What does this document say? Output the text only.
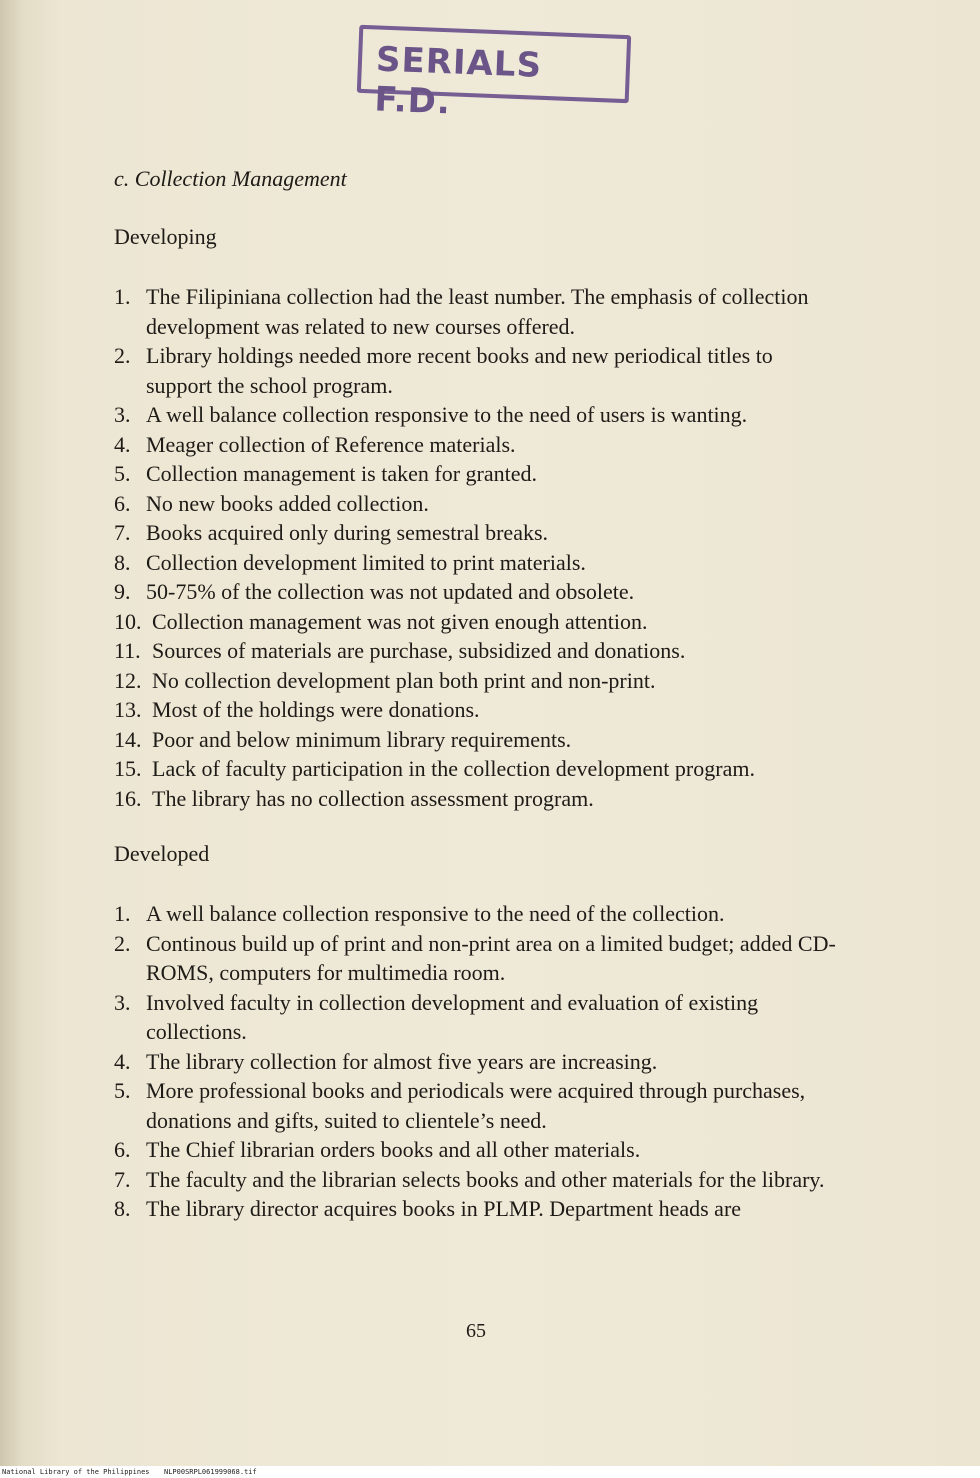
SERIALS F.D.
c. Collection Management
Developing
1. The Filipiniana collection had the least number. The emphasis of collection development was related to new courses offered.
2. Library holdings needed more recent books and new periodical titles to support the school program.
3. A well balance collection responsive to the need of users is wanting.
4. Meager collection of Reference materials.
5. Collection management is taken for granted.
6. No new books added collection.
7. Books acquired only during semestral breaks.
8. Collection development limited to print materials.
9. 50-75% of the collection was not updated and obsolete.
10. Collection management was not given enough attention.
11. Sources of materials are purchase, subsidized and donations.
12. No collection development plan both print and non-print.
13. Most of the holdings were donations.
14. Poor and below minimum library requirements.
15. Lack of faculty participation in the collection development program.
16. The library has no collection assessment program.
Developed
1. A well balance collection responsive to the need of the collection.
2. Continous build up of print and non-print area on a limited budget; added CD-ROMS, computers for multimedia room.
3. Involved faculty in collection development and evaluation of existing collections.
4. The library collection for almost five years are increasing.
5. More professional books and periodicals were acquired through purchases, donations and gifts, suited to clientele’s need.
6. The Chief librarian orders books and all other materials.
7. The faculty and the librarian selects books and other materials for the library.
8. The library director acquires books in PLMP. Department heads are
65
National Library of the Philippines NLP00SRPL061999068.tif
